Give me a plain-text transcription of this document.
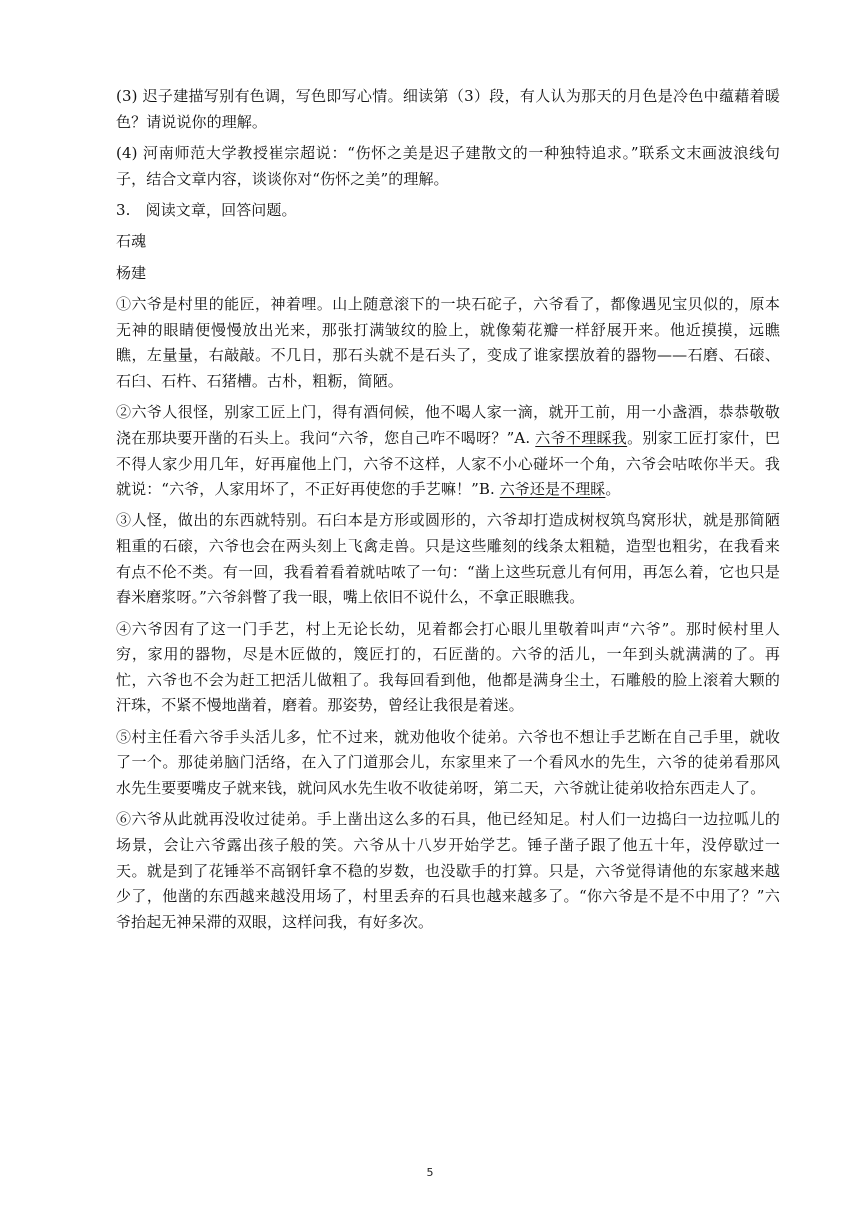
(3) 迟子建描写别有色调，写色即写心情。细读第（3）段，有人认为那天的月色是冷色中蕴藉着暖色？请说说你的理解。

(4) 河南师范大学教授崔宗超说：“伤怀之美是迟子建散文的一种独特追求。”联系文末画波浪线句子，结合文章内容，谈谈你对“伤怀之美”的理解。

3.　阅读文章，回答问题。

石魂

杨建

①六爷是村里的能匠，神着哩。山上随意滚下的一块石砣子，六爷看了，都像遇见宝贝似的，原本无神的眼睛便慢慢放出光来，那张打满皱纹的脸上，就像菊花瓣一样舒展开来。他近摸摸，远瞧瞧，左量量，右敲敲。不几日，那石头就不是石头了，变成了谁家摆放着的器物——石磨、石磙、石臼、石杵、石猪槽。古朴，粗粝，简陋。

②六爷人很怪，别家工匠上门，得有酒伺候，他不喝人家一滴，就开工前，用一小盏酒，恭恭敬敬浇在那块要开凿的石头上。我问“六爷，您自己咋不喝呀？”A. 六爷不理睬我。别家工匠打家什，巴不得人家少用几年，好再雇他上门，六爷不这样，人家不小心碰坏一个角，六爷会咕哝你半天。我就说：“六爷，人家用坏了，不正好再使您的手艺嘛！”B. 六爷还是不理睬。

③人怪，做出的东西就特别。石臼本是方形或圆形的，六爷却打造成树杈筑鸟窝形状，就是那简陋粗重的石磙，六爷也会在两头刻上飞禽走兽。只是这些雕刻的线条太粗糙，造型也粗劣，在我看来有点不伦不类。有一回，我看着看着就咕哝了一句：“凿上这些玩意儿有何用，再怎么着，它也只是舂米磨浆呀。”六爷斜瞥了我一眼，嘴上依旧不说什么，不拿正眼瞧我。

④六爷因有了这一门手艺，村上无论长幼，见着都会打心眼儿里敬着叫声“六爷”。那时候村里人穷，家用的器物，尽是木匠做的，篾匠打的，石匠凿的。六爷的活儿，一年到头就满满的了。再忙，六爷也不会为赶工把活儿做粗了。我每回看到他，他都是满身尘土，石雕般的脸上滚着大颗的汗珠，不紧不慢地凿着，磨着。那姿势，曾经让我很是着迷。

⑤村主任看六爷手头活儿多，忙不过来，就劝他收个徒弟。六爷也不想让手艺断在自己手里，就收了一个。那徒弟脑门活络，在入了门道那会儿，东家里来了一个看风水的先生，六爷的徒弟看那风水先生要要嘴皮子就来钱，就问风水先生收不收徒弟呀，第二天，六爷就让徒弟收拾东西走人了。

⑥六爷从此就再没收过徒弟。手上凿出这么多的石具，他已经知足。村人们一边捣臼一边拉呱儿的场景，会让六爷露出孩子般的笑。六爷从十八岁开始学艺。锤子凿子跟了他五十年，没停歇过一天。就是到了花锤举不高钢钎拿不稳的岁数，也没歇手的打算。只是，六爷觉得请他的东家越来越少了，他凿的东西越来越没用场了，村里丢弃的石具也越来越多了。“你六爷是不是不中用了？”六爷抬起无神呆滞的双眼，这样问我，有好多次。

5
